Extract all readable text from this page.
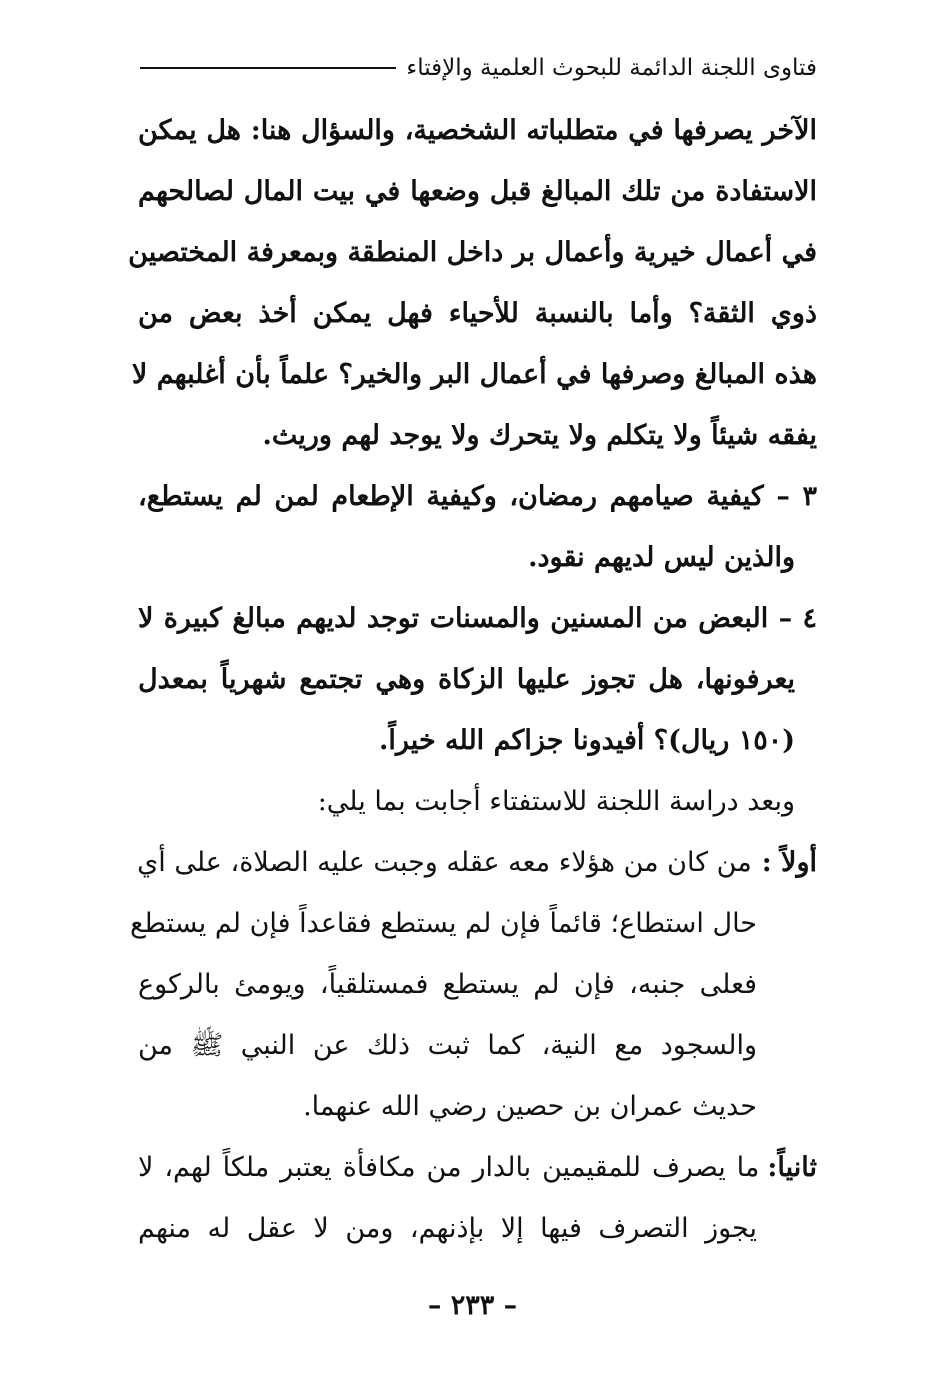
فتاوى اللجنة الدائمة للبحوث العلمية والإفتاء
الآخر يصرفها في متطلباته الشخصية، والسؤال هنا: هل يمكن
الاستفادة من تلك المبالغ قبل وضعها في بيت المال لصالحهم
في أعمال خيرية وأعمال بر داخل المنطقة وبمعرفة المختصين
ذوي الثقة؟ وأما بالنسبة للأحياء فهل يمكن أخذ بعض من
هذه المبالغ وصرفها في أعمال البر والخير؟ علماً بأن أغلبهم لا
يفقه شيئاً ولا يتكلم ولا يتحرك ولا يوجد لهم وريث.
٣ – كيفية صيامهم رمضان، وكيفية الإطعام لمن لم يستطع،
والذين ليس لديهم نقود.
٤ – البعض من المسنين والمسنات توجد لديهم مبالغ كبيرة لا
يعرفونها، هل تجوز عليها الزكاة وهي تجتمع شهرياً بمعدل
(١٥٠ ريال)؟ أفيدونا جزاكم الله خيراً.
وبعد دراسة اللجنة للاستفتاء أجابت بما يلي:
أولاً :
من كان من هؤلاء معه عقله وجبت عليه الصلاة، على أي
حال استطاع؛ قائماً فإن لم يستطع فقاعداً فإن لم يستطع
فعلى جنبه، فإن لم يستطع فمستلقياً، ويومئ بالركوع
والسجود مع النية، كما ثبت ذلك عن النبي ﷺ من
حديث عمران بن حصين رضي الله عنهما.
ثانياً:
ما يصرف للمقيمين بالدار من مكافأة يعتبر ملكاً لهم، لا
يجوز التصرف فيها إلا بإذنهم، ومن لا عقل له منهم
– ٢٣٣ –
